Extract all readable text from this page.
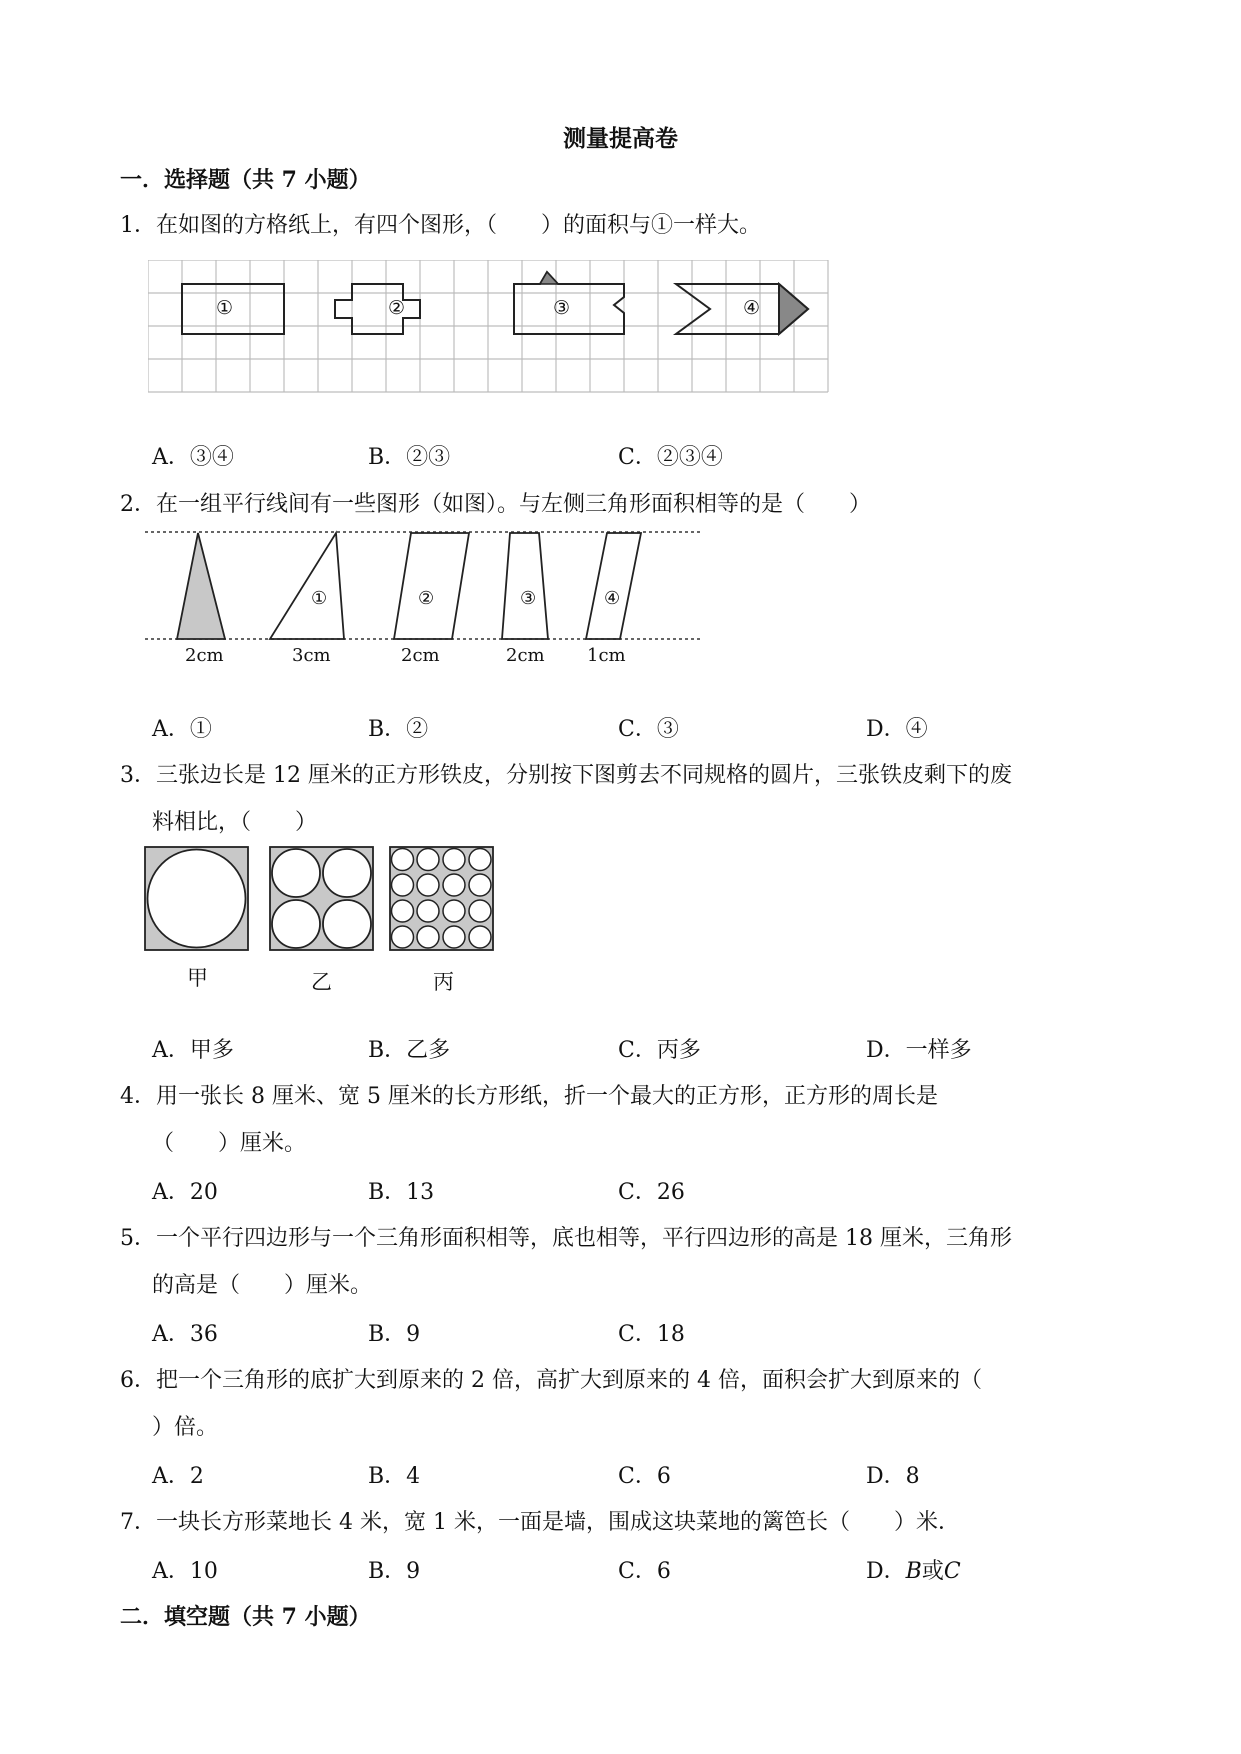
测量提高卷
一．选择题（共 7 小题）
1．在如图的方格纸上，有四个图形，（　　）的面积与①一样大。
①	②	③	④
A．③④	B．②③	C．②③④
2．在一组平行线间有一些图形（如图）。与左侧三角形面积相等的是（　　）
①	②	③	④
2cm	3cm	2cm	2cm 1cm
A．①	B．②	C．③	D．④
3．三张边长是 12 厘米的正方形铁皮，分别按下图剪去不同规格的圆片，三张铁皮剩下的废
料相比，（　　）
甲	乙	丙
A．甲多	B．乙多	C．丙多	D．一样多
4．用一张长 8 厘米、宽 5 厘米的长方形纸，折一个最大的正方形，正方形的周长是
（　　）厘米。
A．20	B．13	C．26
5．一个平行四边形与一个三角形面积相等，底也相等，平行四边形的高是 18 厘米，三角形
的高是（　　）厘米。
A．36	B．9	C．18
6．把一个三角形的底扩大到原来的 2 倍，高扩大到原来的 4 倍，面积会扩大到原来的（
）倍。
A．2	B．4	C．6	D．8
7．一块长方形菜地长 4 米，宽 1 米，一面是墙，围成这块菜地的篱笆长（　　）米．
A．10	B．9	C．6	D．B或C
二．填空题（共 7 小题）
